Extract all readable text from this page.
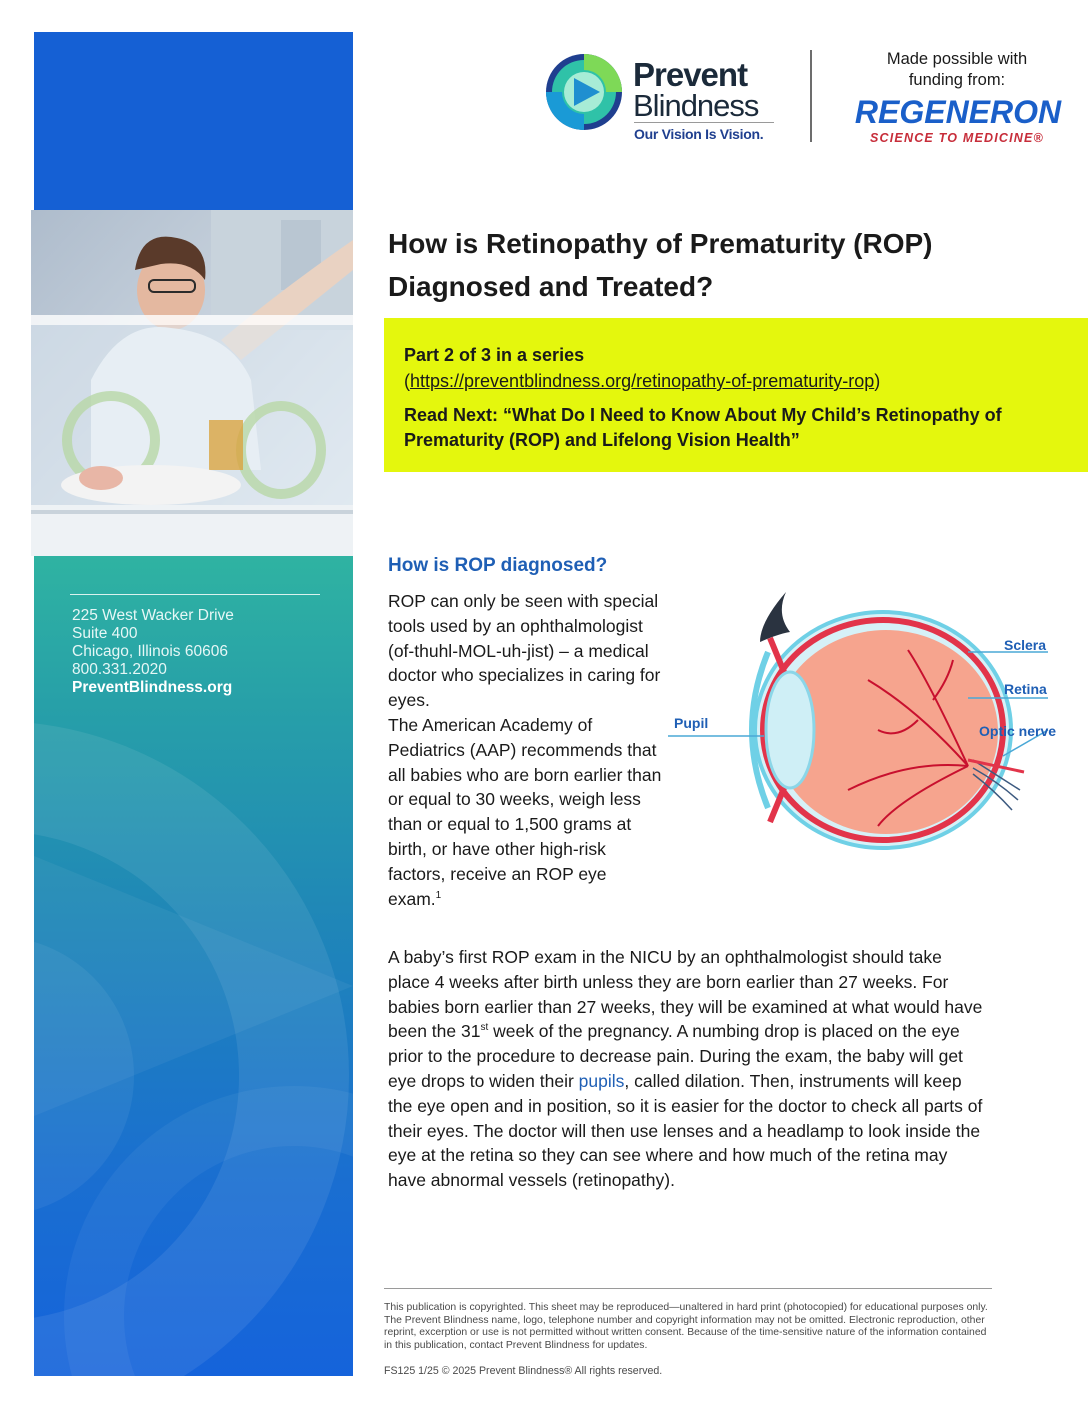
225 West Wacker Drive
Suite 400
Chicago, Illinois 60606
800.331.2020
PreventBlindness.org
Prevent
Blindness
Our Vision Is Vision.
Made possible with
funding from:
REGENERON
SCIENCE TO MEDICINE®
How is Retinopathy of Prematurity (ROP)
Diagnosed and Treated?
Part 2 of 3 in a series
(https://preventblindness.org/retinopathy-of-prematurity-rop)
Read Next: “What Do I Need to Know About My Child’s Retinopathy of Prematurity (ROP) and Lifelong Vision Health”
How is ROP diagnosed?
ROP can only be seen with special tools used by an ophthalmologist (of-thuhl-MOL-uh-jist) – a medical doctor who specializes in caring for eyes.
The American Academy of Pediatrics (AAP) recommends that all babies who are born earlier than or equal to 30 weeks, weigh less than or equal to 1,500 grams at birth, or have other high-risk factors, receive an ROP eye exam.$^1$
Sclera
Retina
Optic nerve
Pupil
A baby’s first ROP exam in the NICU by an ophthalmologist should take place 4 weeks after birth unless they are born earlier than 27 weeks. For babies born earlier than 27 weeks, they will be examined at what would have been the 31st week of the pregnancy. A numbing drop is placed on the eye prior to the procedure to decrease pain. During the exam, the baby will get eye drops to widen their pupils, called dilation. Then, instruments will keep the eye open and in position, so it is easier for the doctor to check all parts of their eyes. The doctor will then use lenses and a headlamp to look inside the eye at the retina so they can see where and how much of the retina may have abnormal vessels (retinopathy).
This publication is copyrighted. This sheet may be reproduced—unaltered in hard print (photocopied) for educational purposes only. The Prevent Blindness name, logo, telephone number and copyright information may not be omitted. Electronic reproduction, other reprint, excerption or use is not permitted without written consent. Because of the time-sensitive nature of the information contained in this publication, contact Prevent Blindness for updates.
FS125 1/25 © 2025 Prevent Blindness® All rights reserved.
